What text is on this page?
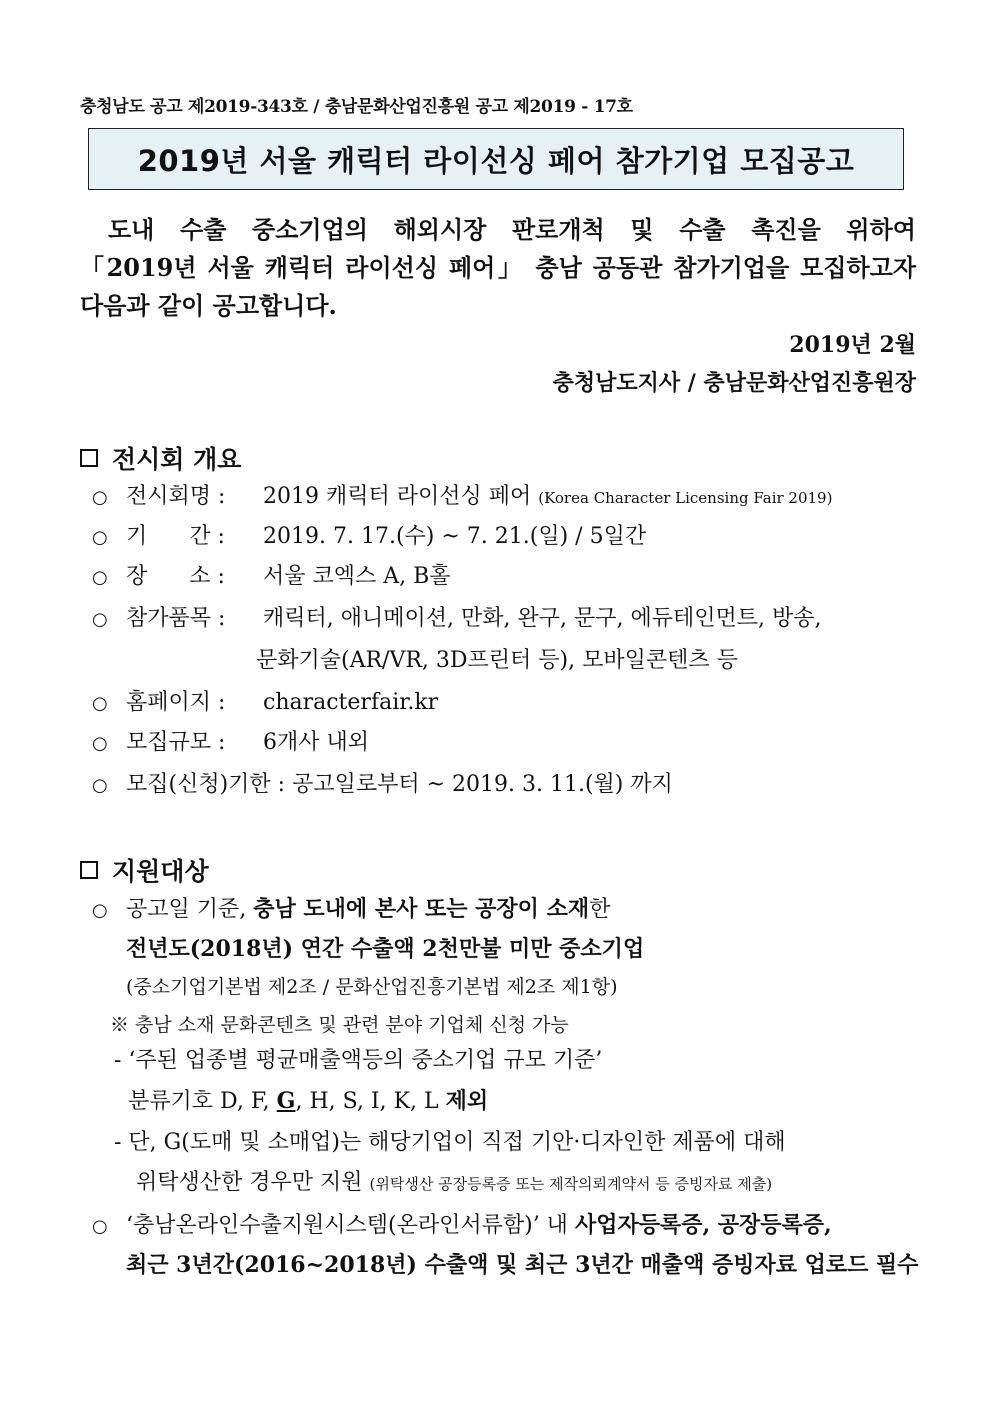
충청남도 공고 제2019-343호 / 충남문화산업진흥원 공고 제2019 - 17호
2019년 서울 캐릭터 라이선싱 페어 참가기업 모집공고
도내 수출 중소기업의 해외시장 판로개척 및 수출 촉진을 위하여
「2019년 서울 캐릭터 라이선싱 페어」 충남 공동관 참가기업을 모집하고자
다음과 같이 공고합니다.
2019년 2월
충청남도지사 / 충남문화산업진흥원장
전시회 개요
○ 전시회명 : 2019 캐릭터 라이선싱 페어 (Korea Character Licensing Fair 2019)
○ 기      간 : 2019. 7. 17.(수) ~ 7. 21.(일) / 5일간
○ 장      소 : 서울 코엑스 A, B홀
○ 참가품목 : 캐릭터, 애니메이션, 만화, 완구, 문구, 에듀테인먼트, 방송,
문화기술(AR/VR, 3D프린터 등), 모바일콘텐츠 등
○ 홈페이지 : characterfair.kr
○ 모집규모 : 6개사 내외
○ 모집(신청)기한 : 공고일로부터 ~ 2019. 3. 11.(월) 까지
지원대상
○ 공고일 기준, 충남 도내에 본사 또는 공장이 소재한
전년도(2018년) 연간 수출액 2천만불 미만 중소기업
(중소기업기본법 제2조 / 문화산업진흥기본법 제2조 제1항)
※ 충남 소재 문화콘텐츠 및 관련 분야 기업체 신청 가능
- ‘주된 업종별 평균매출액등의 중소기업 규모 기준’
분류기호 D, F, G, H, S, I, K, L 제외
- 단, G(도매 및 소매업)는 해당기업이 직접 기안·디자인한 제품에 대해
위탁생산한 경우만 지원 (위탁생산 공장등록증 또는 제작의뢰계약서 등 증빙자료 제출)
○ ‘충남온라인수출지원시스템(온라인서류함)’ 내 사업자등록증, 공장등록증,
최근 3년간(2016~2018년) 수출액 및 최근 3년간 매출액 증빙자료 업로드 필수
